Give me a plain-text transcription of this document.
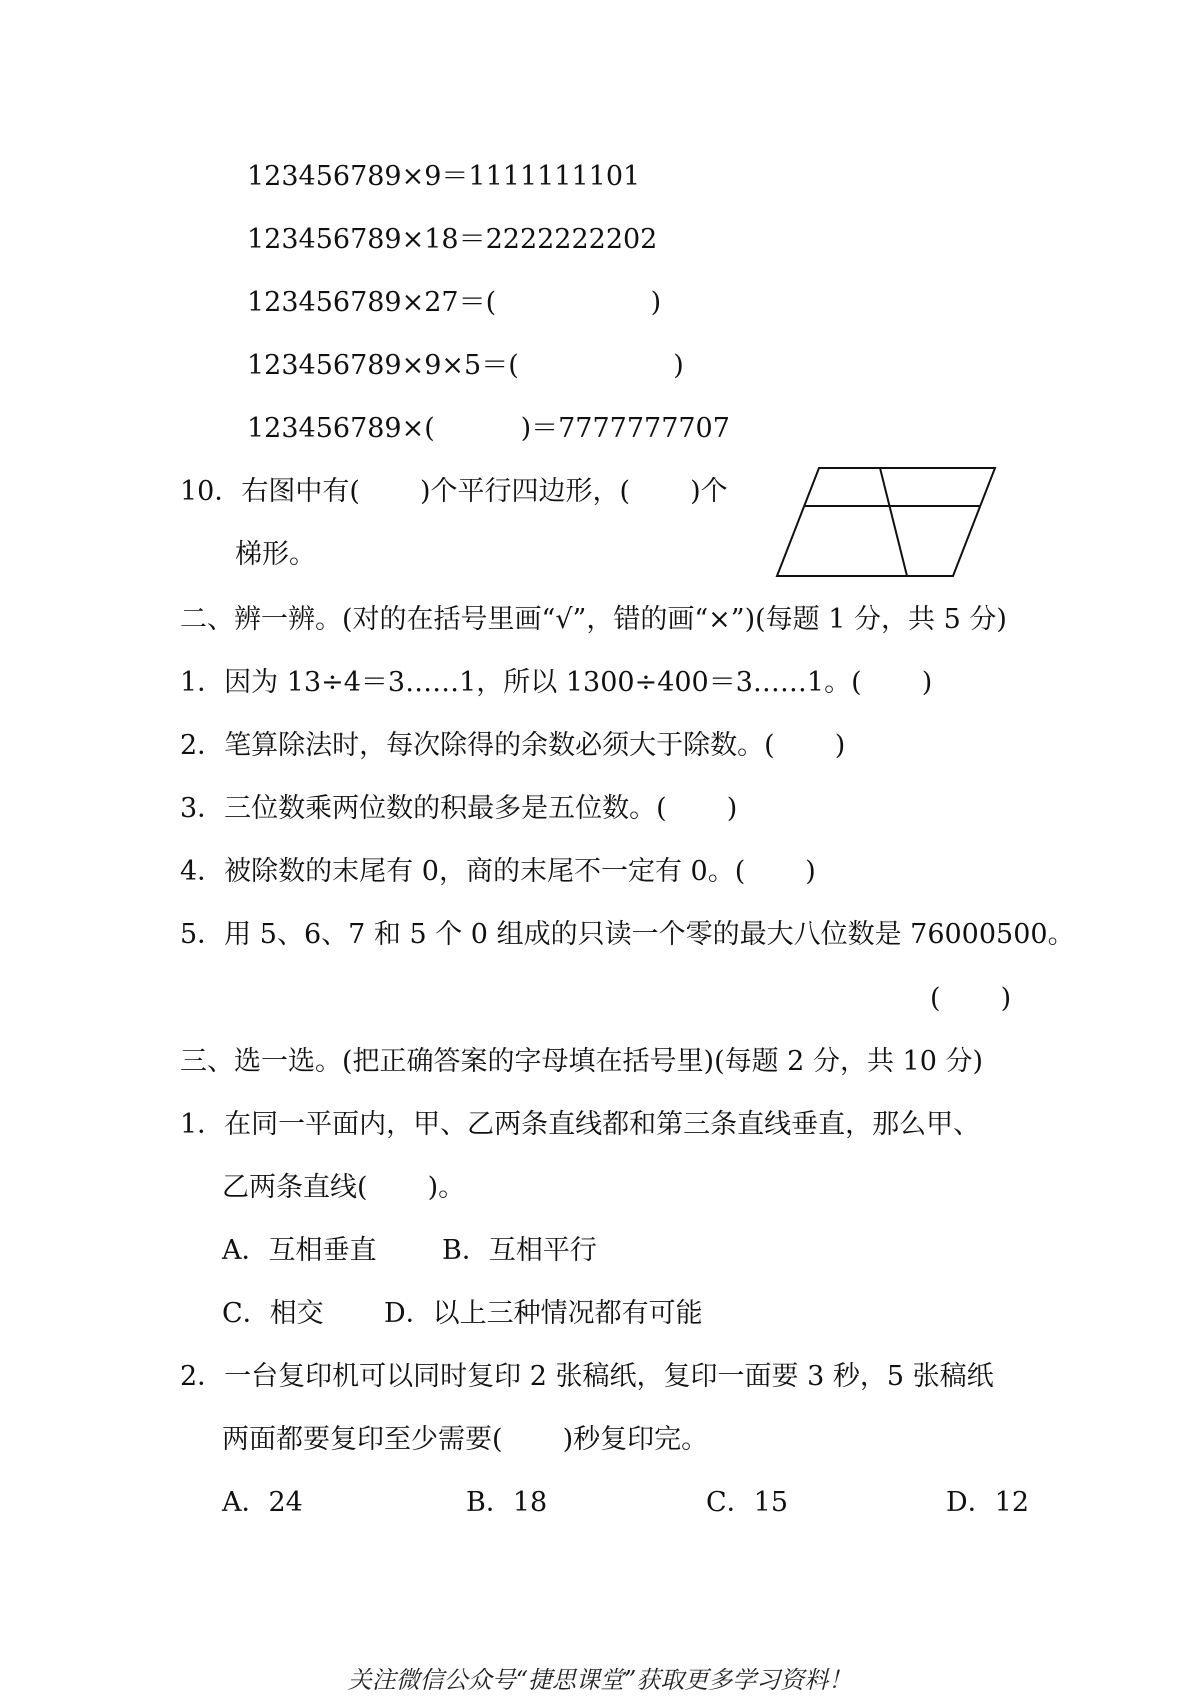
123456789×9＝1111111101
123456789×18＝2222222202
123456789×27＝(                  )
123456789×9×5＝(                  )
123456789×(          )＝7777777707
10．右图中有(       )个平行四边形，(       )个
梯形。
二、辨一辨。(对的在括号里画“√”，错的画“×”)(每题 1 分，共 5 分)
1．因为 13÷4＝3……1，所以 1300÷400＝3……1。(       )
2．笔算除法时，每次除得的余数必须大于除数。(       )
3．三位数乘两位数的积最多是五位数。(       )
4．被除数的末尾有 0，商的末尾不一定有 0。(       )
5．用 5、6、7 和 5 个 0 组成的只读一个零的最大八位数是 76000500。
(       )
三、选一选。(把正确答案的字母填在括号里)(每题 2 分，共 10 分)
1．在同一平面内，甲、乙两条直线都和第三条直线垂直，那么甲、
乙两条直线(       )。
A．互相垂直 B．互相平行
C．相交 D．以上三种情况都有可能
2．一台复印机可以同时复印 2 张稿纸，复印一面要 3 秒，5 张稿纸
两面都要复印至少需要(       )秒复印完。
A．24	B．18	C．15	D．12
关注微信公众号“捷思课堂”获取更多学习资料！
